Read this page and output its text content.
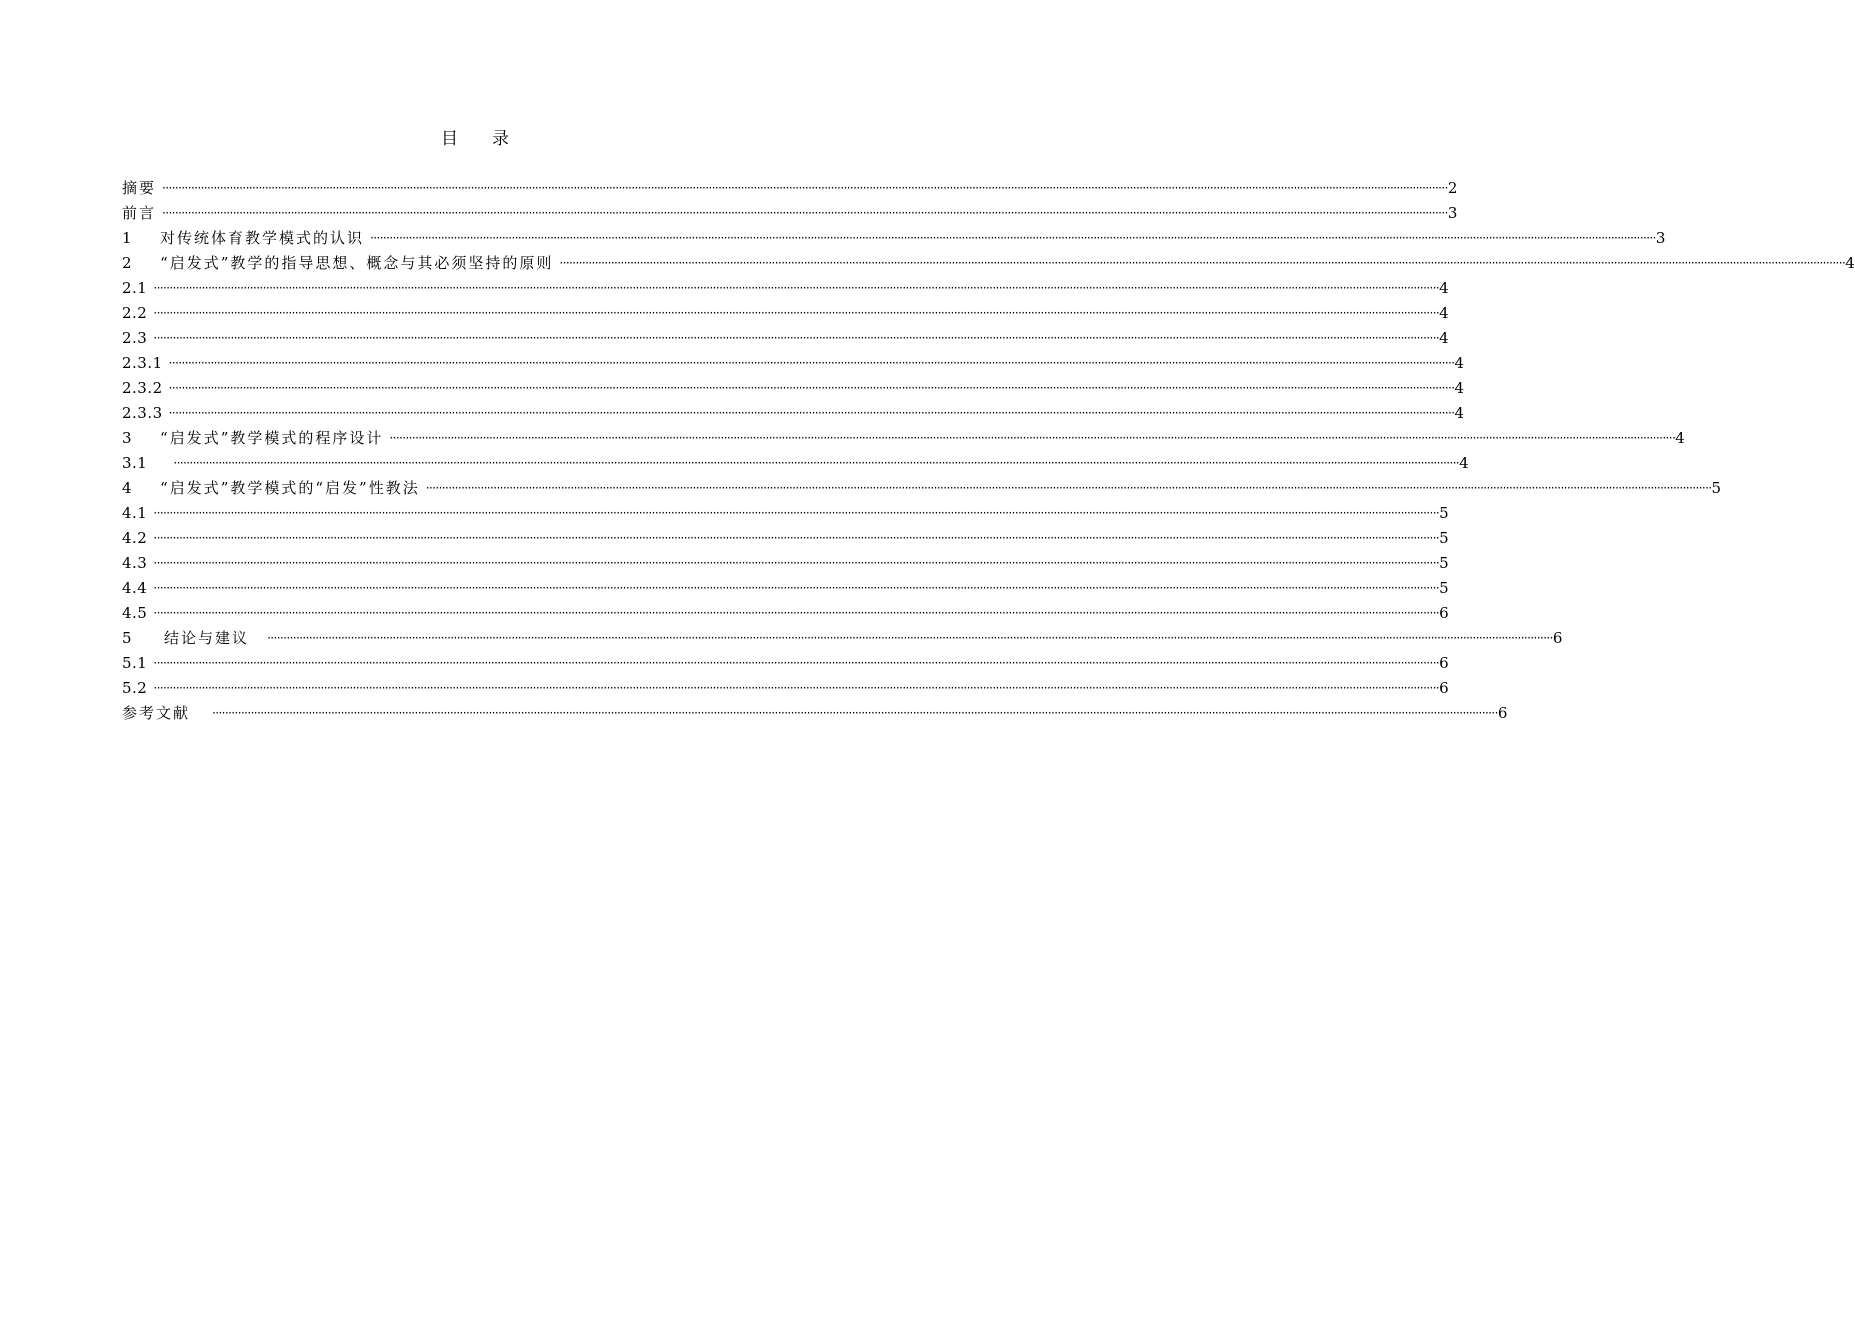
目　　录
摘要 ················································································································································································································································································································································································································ 2
前言 ················································································································································································································································································································································································································ 3
1 对传统体育教学模式的认识 ················································································································································································································································································································································································································ 3
2 “启发式”教学的指导思想、概念与其必须坚持的原则 ················································································································································································································································································································································································································ 4
2.1 ················································································································································································································································································································································································································ 4
2.2 ················································································································································································································································································································································································································ 4
2.3 ················································································································································································································································································································································································································ 4
2.3.1 ················································································································································································································································································································································································································ 4
2.3.2 ················································································································································································································································································································································································································ 4
2.3.3 ················································································································································································································································································································································································································ 4
3 “启发式”教学模式的程序设计 ················································································································································································································································································································································································································ 4
3.1 ················································································································································································································································································································································································································ 4
4 “启发式”教学模式的“启发”性教法 ················································································································································································································································································································································································································ 5
4.1 ················································································································································································································································································································································································································ 5
4.2 ················································································································································································································································································································································································································ 5
4.3 ················································································································································································································································································································································································································ 5
4.4 ················································································································································································································································································································································································································ 5
4.5 ················································································································································································································································································································································································································ 6
5 结论与建议 ················································································································································································································································································································································································································ 6
5.1 ················································································································································································································································································································································································································ 6
5.2 ················································································································································································································································································································································································································ 6
参考文献 ················································································································································································································································································································································································································ 6
